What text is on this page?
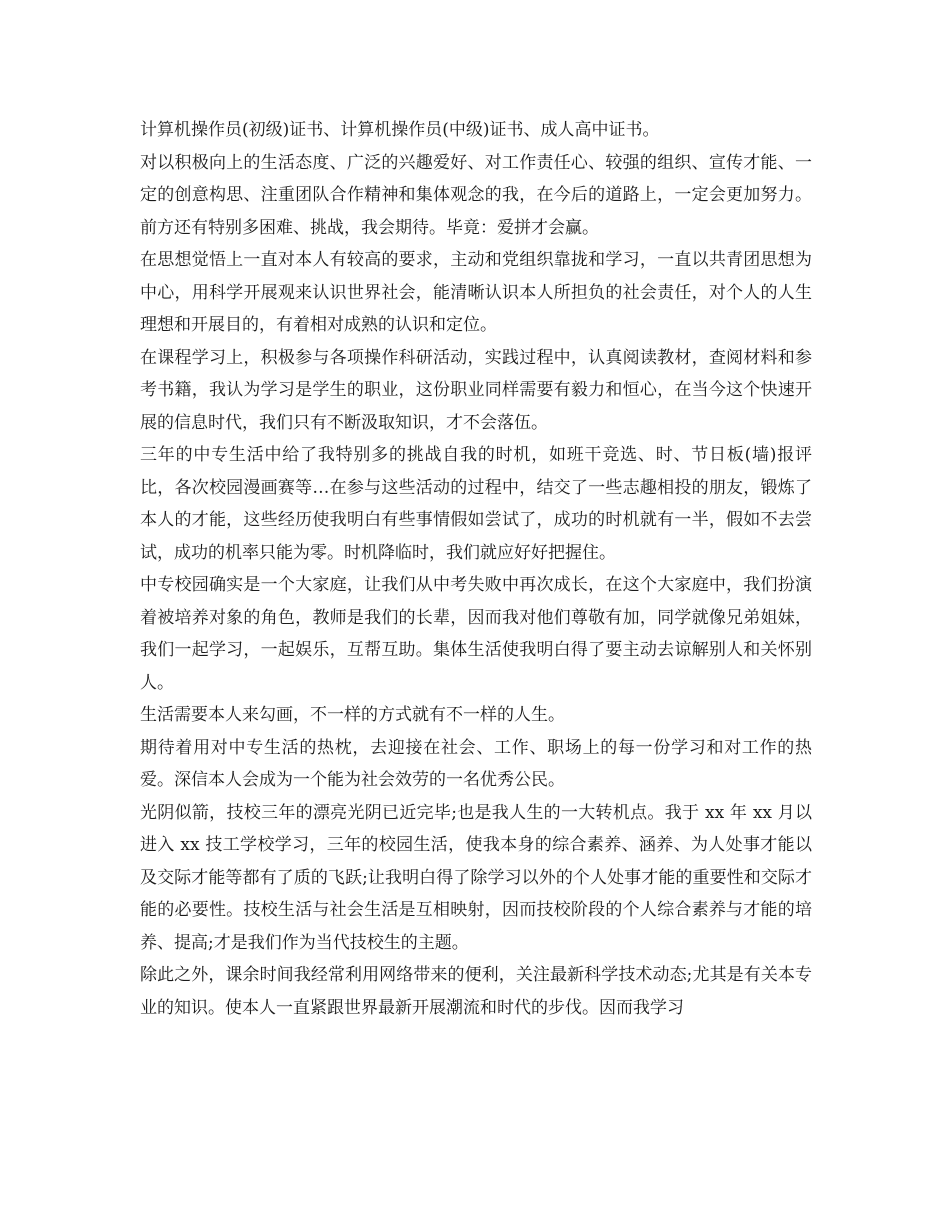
计算机操作员(初级)证书、计算机操作员(中级)证书、成人高中证书。

对以积极向上的生活态度、广泛的兴趣爱好、对工作责任心、较强的组织、宣传才能、一定的创意构思、注重团队合作精神和集体观念的我，在今后的道路上，一定会更加努力。前方还有特别多困难、挑战，我会期待。毕竟：爱拼才会赢。

在思想觉悟上一直对本人有较高的要求，主动和党组织靠拢和学习，一直以共青团思想为中心，用科学开展观来认识世界社会，能清晰认识本人所担负的社会责任，对个人的人生理想和开展目的，有着相对成熟的认识和定位。

在课程学习上，积极参与各项操作科研活动，实践过程中，认真阅读教材，查阅材料和参考书籍，我认为学习是学生的职业，这份职业同样需要有毅力和恒心，在当今这个快速开展的信息时代，我们只有不断汲取知识，才不会落伍。

三年的中专生活中给了我特别多的挑战自我的时机，如班干竞选、时、节日板(墙)报评比，各次校园漫画赛等…在参与这些活动的过程中，结交了一些志趣相投的朋友，锻炼了本人的才能，这些经历使我明白有些事情假如尝试了，成功的时机就有一半，假如不去尝试，成功的机率只能为零。时机降临时，我们就应好好把握住。

中专校园确实是一个大家庭，让我们从中考失败中再次成长，在这个大家庭中，我们扮演着被培养对象的角色，教师是我们的长辈，因而我对他们尊敬有加，同学就像兄弟姐妹，我们一起学习，一起娱乐，互帮互助。集体生活使我明白得了要主动去谅解别人和关怀别人。

生活需要本人来勾画，不一样的方式就有不一样的人生。

期待着用对中专生活的热枕，去迎接在社会、工作、职场上的每一份学习和对工作的热爱。深信本人会成为一个能为社会效劳的一名优秀公民。

光阴似箭，技校三年的漂亮光阴已近完毕;也是我人生的一大转机点。我于 xx 年 xx 月以进入 xx 技工学校学习，三年的校园生活，使我本身的综合素养、涵养、为人处事才能以及交际才能等都有了质的飞跃;让我明白得了除学习以外的个人处事才能的重要性和交际才能的必要性。技校生活与社会生活是互相映射，因而技校阶段的个人综合素养与才能的培养、提高;才是我们作为当代技校生的主题。

除此之外，课余时间我经常利用网络带来的便利，关注最新科学技术动态;尤其是有关本专业的知识。使本人一直紧跟世界最新开展潮流和时代的步伐。因而我学习
